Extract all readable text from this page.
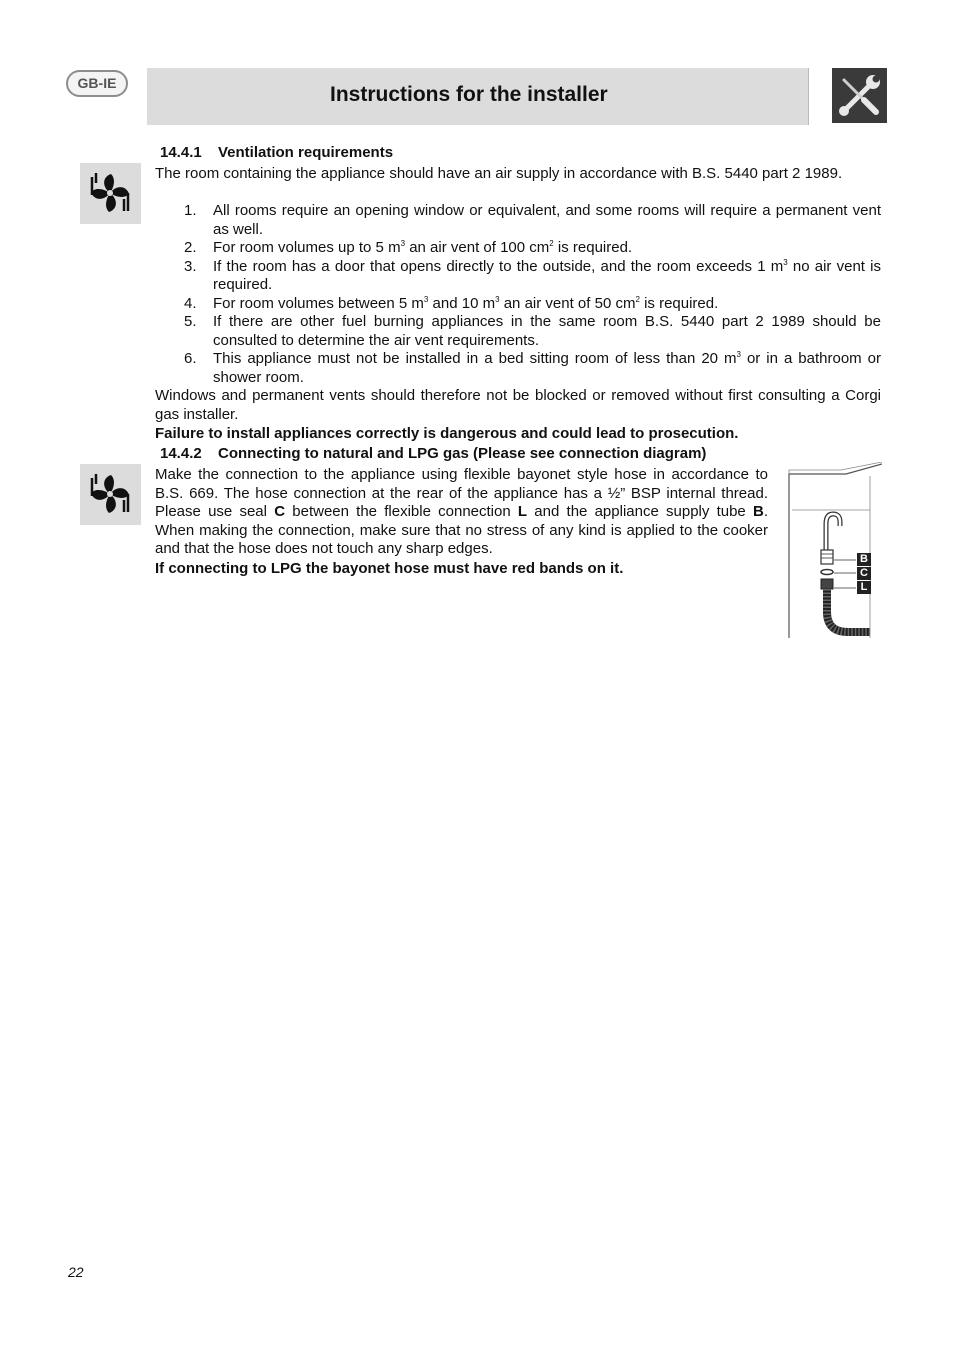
GB-IE	Instructions for the installer
14.4.1 Ventilation requirements
The room containing the appliance should have an air supply in accordance with B.S. 5440 part 2 1989.
1. All rooms require an opening window or equivalent, and some rooms will require a permanent vent as well.
2. For room volumes up to 5 $m^3$ an air vent of 100 $cm^2$ is required.
3. If the room has a door that opens directly to the outside, and the room exceeds 1 $m^3$ no air vent is required.
4. For room volumes between 5 $m^3$ and 10 $m^3$ an air vent of 50 $cm^2$ is required.
5. If there are other fuel burning appliances in the same room B.S. 5440 part 2 1989 should be consulted to determine the air vent requirements.
6. This appliance must not be installed in a bed sitting room of less than 20 $m^3$ or in a bathroom or shower room.
Windows and permanent vents should therefore not be blocked or removed without first consulting a Corgi gas installer.
Failure to install appliances correctly is dangerous and could lead to prosecution.
14.4.2 Connecting to natural and LPG gas (Please see connection diagram)
Make the connection to the appliance using flexible bayonet style hose in accordance to B.S. 669. The hose connection at the rear of the appliance has a ½” BSP internal thread. Please use seal C between the flexible connection L and the appliance supply tube B. When making the connection, make sure that no stress of any kind is applied to the cooker and that the hose does not touch any sharp edges.
If connecting to LPG the bayonet hose must have red bands on it.
B
C
L
22
